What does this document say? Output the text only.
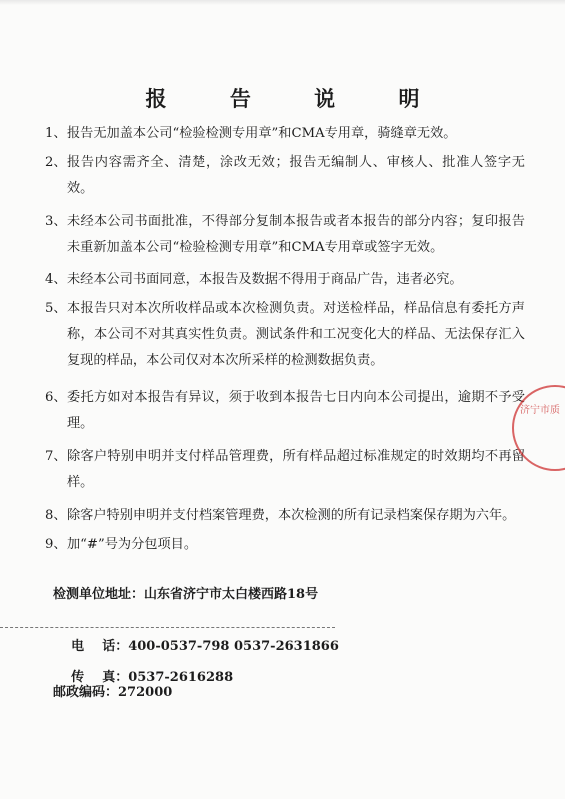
报 告 说 明
1、 报告无加盖本公司“检验检测专用章”和CMA专用章，骑缝章无效。
2、 报告内容需齐全、清楚，涂改无效；报告无编制人、审核人、批准人签字无效。
3、 未经本公司书面批准，不得部分复制本报告或者本报告的部分内容；复印报告未重新加盖本公司“检验检测专用章”和CMA专用章或签字无效。
4、 未经本公司书面同意，本报告及数据不得用于商品广告，违者必究。
5、 本报告只对本次所收样品或本次检测负责。对送检样品，样品信息有委托方声称，本公司不对其真实性负责。测试条件和工况变化大的样品、无法保存汇入复现的样品，本公司仅对本次所采样的检测数据负责。
6、 委托方如对本报告有异议，须于收到本报告七日内向本公司提出，逾期不予受理。
7、 除客户特别申明并支付样品管理费，所有样品超过标准规定的时效期均不再留样。
8、 除客户特别申明并支付档案管理费，本次检测的所有记录档案保存期为六年。
9、 加“#”号为分包项目。
检测单位地址：山东省济宁市太白楼西路18号

电    话：400-0537-798 0537-2631866

传    真：0537-2616288

邮政编码：272000
济宁市质
